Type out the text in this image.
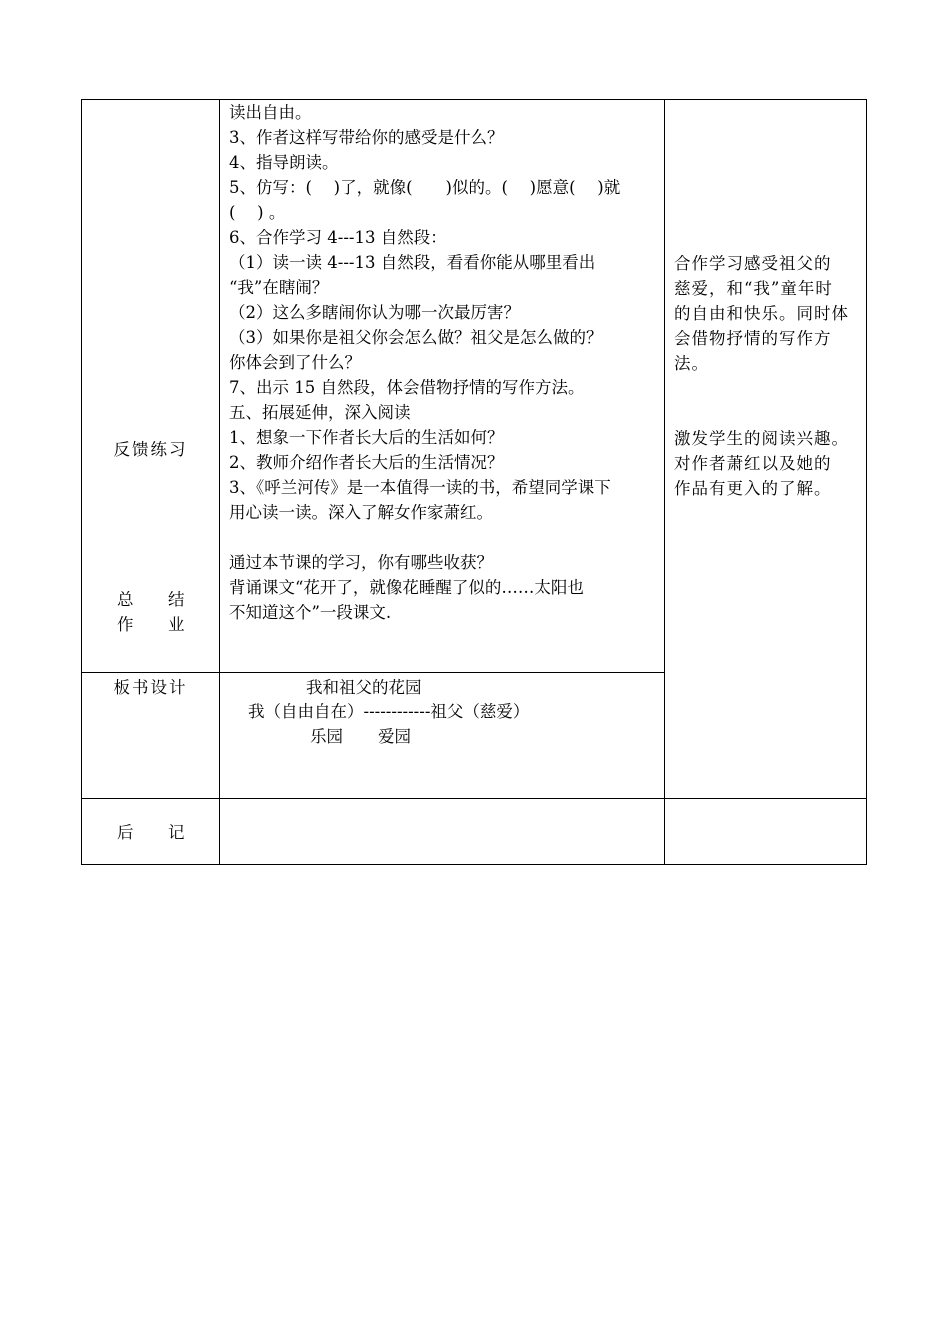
反馈练习
总 结
作 业
板书设计
后 记
读出自由。
3、作者这样写带给你的感受是什么？
4、指导朗读。
5、仿写：(　 )了，就像(　　)似的。(　 )愿意(　 )就
(　 ) 。
6、合作学习 4---13 自然段：
（1）读一读 4---13 自然段，看看你能从哪里看出
“我”在瞎闹？
（2）这么多瞎闹你认为哪一次最厉害？
（3）如果你是祖父你会怎么做？祖父是怎么做的？
你体会到了什么？
7、出示 15 自然段，体会借物抒情的写作方法。
五、拓展延伸，深入阅读
1、想象一下作者长大后的生活如何？
2、教师介绍作者长大后的生活情况？
3、《呼兰河传》是一本值得一读的书，希望同学课下
用心读一读。深入了解女作家萧红。
通过本节课的学习，你有哪些收获？
背诵课文“花开了，就像花睡醒了似的……太阳也
不知道这个”一段课文.
我和祖父的花园
我（自由自在）------------祖父（慈爱）
乐园 爱园
合作学习感受祖父的
慈爱，和“我”童年时
的自由和快乐。同时体
会借物抒情的写作方
法。
激发学生的阅读兴趣。
对作者萧红以及她的
作品有更入的了解。
